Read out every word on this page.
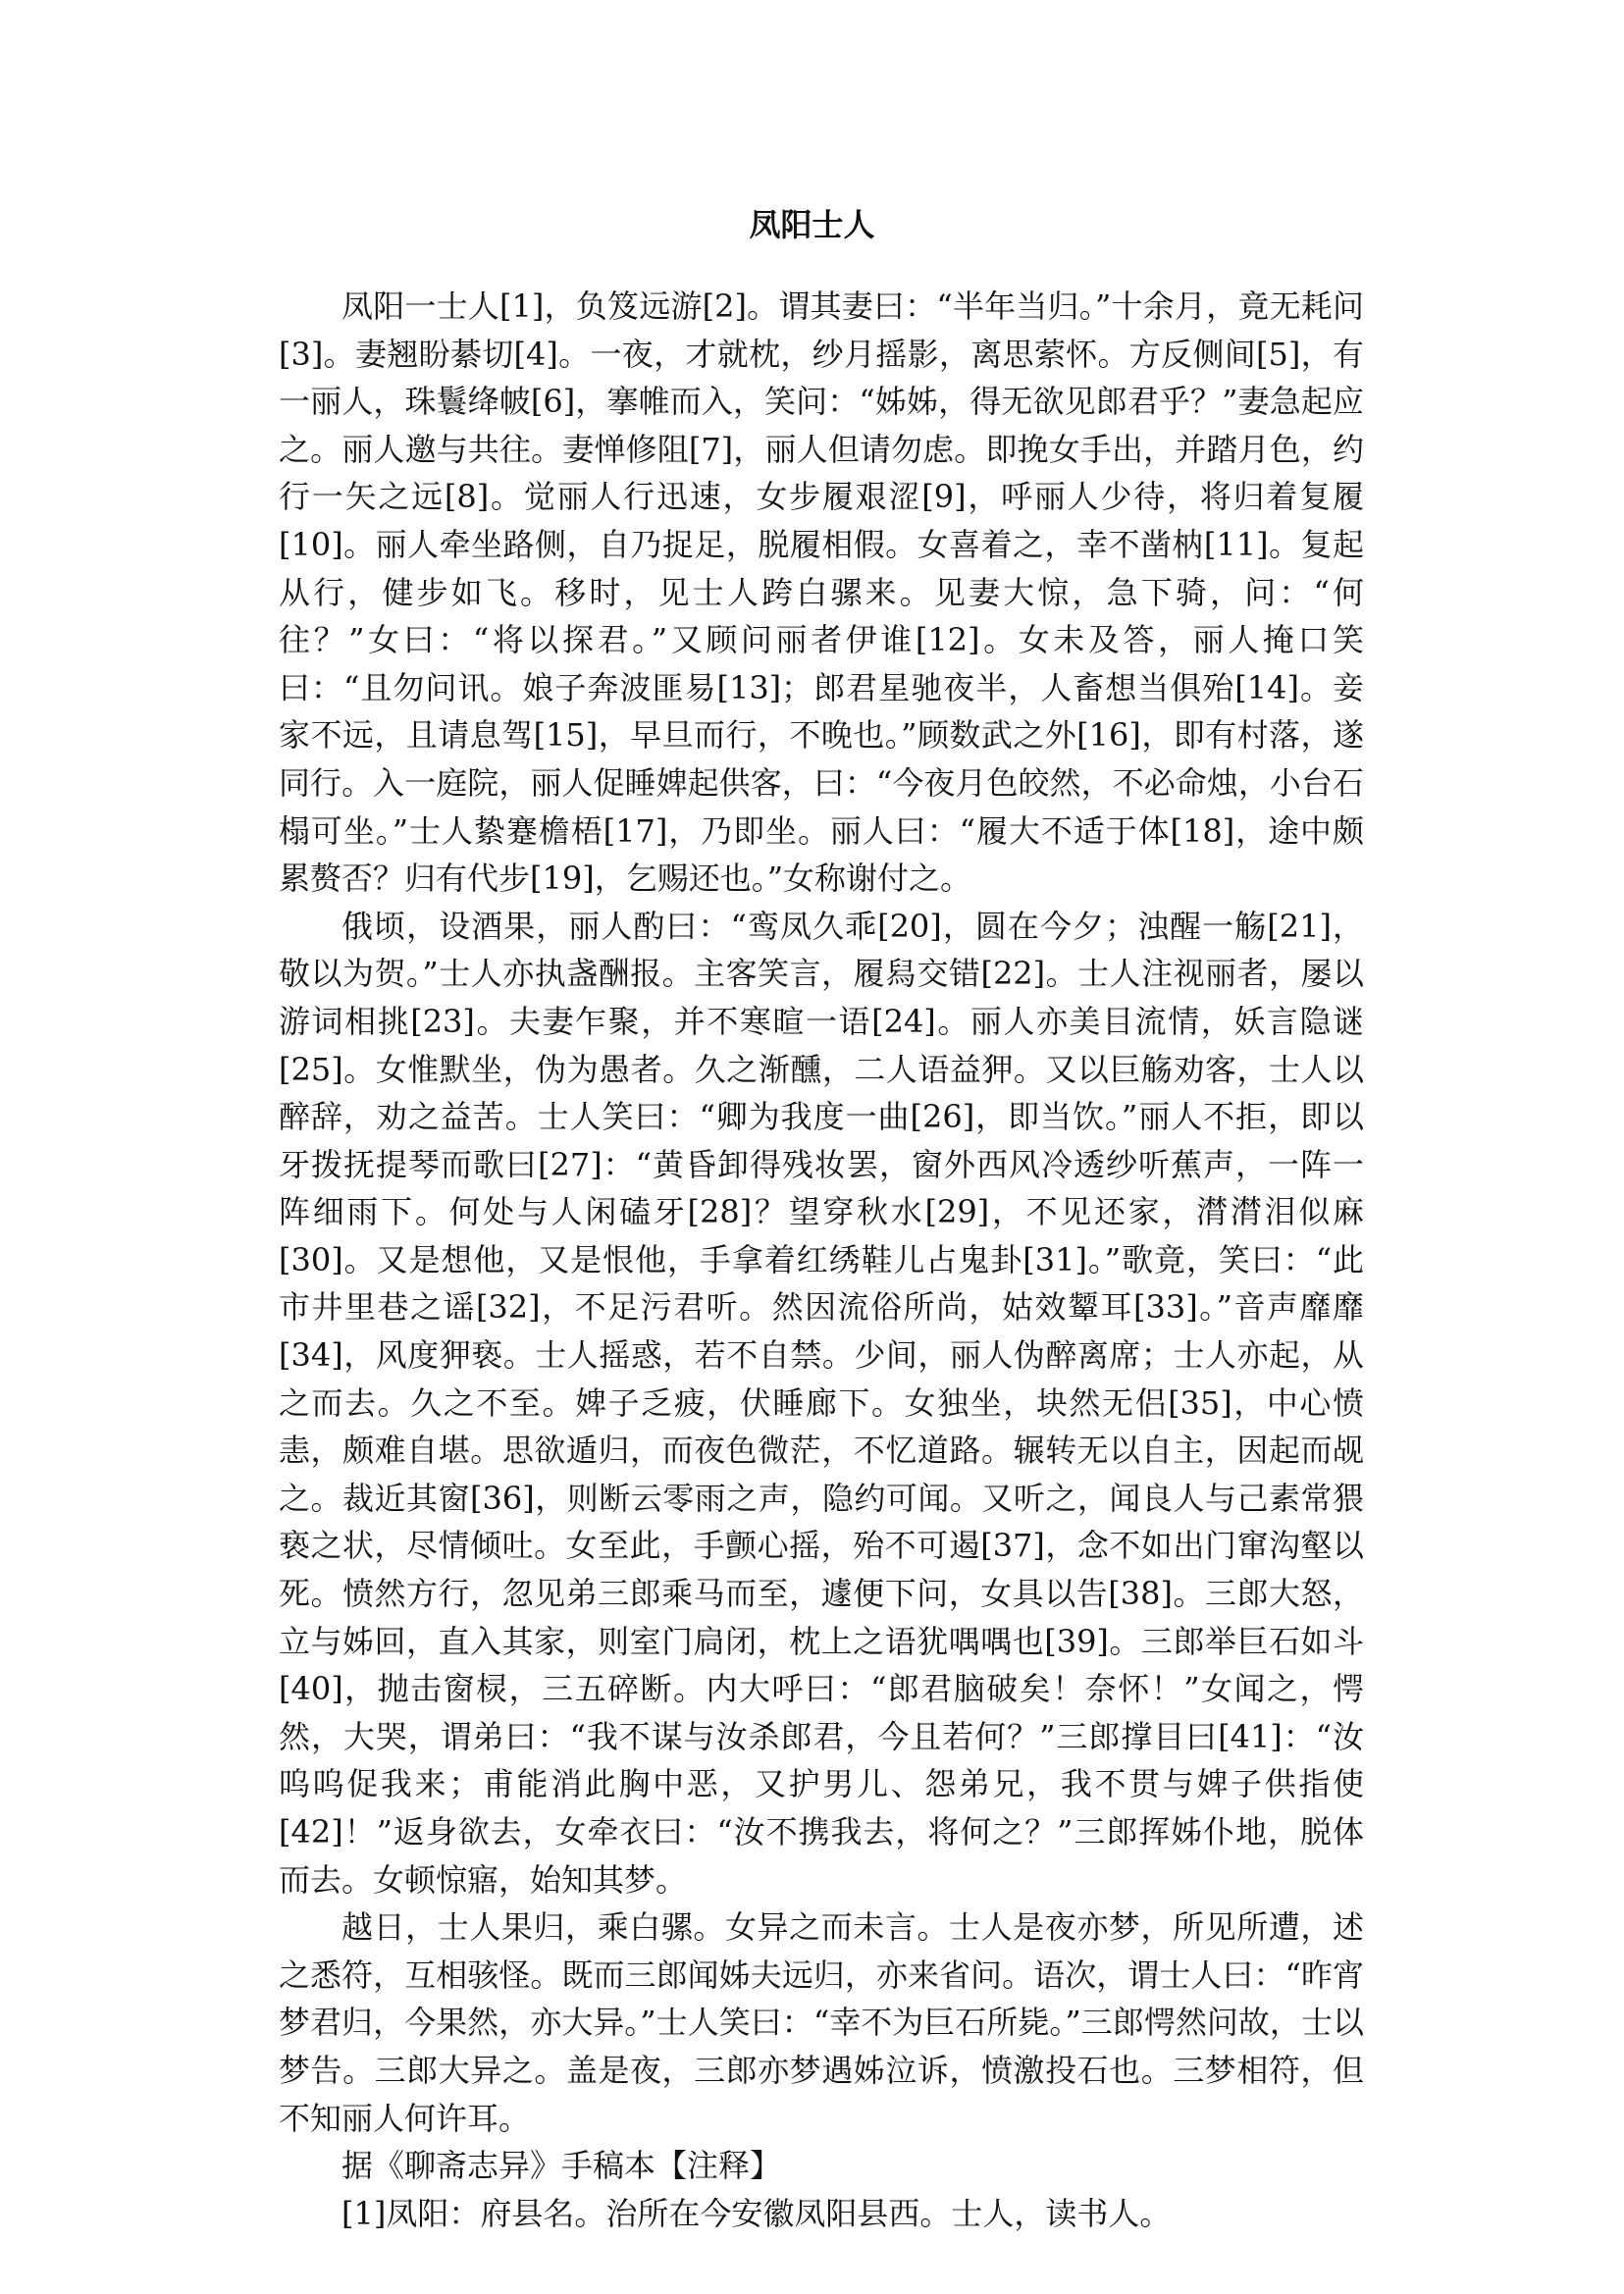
凤阳士人

凤阳一士人[1]，负笈远游[2]。谓其妻曰：“半年当归。”十余月，竟无耗问[3]。妻翘盼綦切[4]。一夜，才就枕，纱月摇影，离思萦怀。方反侧间[5]，有一丽人，珠鬟绛帔[6]，搴帷而入，笑问：“姊姊，得无欲见郎君乎？”妻急起应之。丽人邀与共往。妻惮修阻[7]，丽人但请勿虑。即挽女手出，并踏月色，约行一矢之远[8]。觉丽人行迅速，女步履艰涩[9]，呼丽人少待，将归着复履[10]。丽人牵坐路侧，自乃捉足，脱履相假。女喜着之，幸不凿枘[11]。复起从行，健步如飞。移时，见士人跨白骡来。见妻大惊，急下骑，问：“何往？”女曰：“将以探君。”又顾问丽者伊谁[12]。女未及答，丽人掩口笑曰：“且勿问讯。娘子奔波匪易[13]；郎君星驰夜半，人畜想当俱殆[14]。妾家不远，且请息驾[15]，早旦而行，不晚也。”顾数武之外[16]，即有村落，遂同行。入一庭院，丽人促睡婢起供客，曰：“今夜月色皎然，不必命烛，小台石榻可坐。”士人絷蹇檐梧[17]，乃即坐。丽人曰：“履大不适于体[18]，途中颇累赘否？归有代步[19]，乞赐还也。”女称谢付之。

俄顷，设酒果，丽人酌曰：“鸾凤久乖[20]，圆在今夕；浊醒一觞[21]，敬以为贺。”士人亦执盏酬报。主客笑言，履舄交错[22]。士人注视丽者，屡以游词相挑[23]。夫妻乍聚，并不寒暄一语[24]。丽人亦美目流情，妖言隐谜[25]。女惟默坐，伪为愚者。久之渐醺，二人语益狎。又以巨觞劝客，士人以醉辞，劝之益苦。士人笑曰：“卿为我度一曲[26]，即当饮。”丽人不拒，即以牙拨抚提琴而歌曰[27]：“黄昏卸得残妆罢，窗外西风冷透纱听蕉声，一阵一阵细雨下。何处与人闲磕牙[28]？望穿秋水[29]，不见还家，潸潸泪似麻[30]。又是想他，又是恨他，手拿着红绣鞋儿占鬼卦[31]。”歌竟，笑曰：“此市井里巷之谣[32]，不足污君听。然因流俗所尚，姑效颦耳[33]。”音声靡靡[34]，风度狎亵。士人摇惑，若不自禁。少间，丽人伪醉离席；士人亦起，从之而去。久之不至。婢子乏疲，伏睡廊下。女独坐，块然无侣[35]，中心愤恚，颇难自堪。思欲遁归，而夜色微茫，不忆道路。辗转无以自主，因起而觇之。裁近其窗[36]，则断云零雨之声，隐约可闻。又听之，闻良人与己素常猥亵之状，尽情倾吐。女至此，手颤心摇，殆不可遏[37]，念不如出门窜沟壑以死。愤然方行，忽见弟三郎乘马而至，遽便下问，女具以告[38]。三郎大怒，立与姊回，直入其家，则室门扃闭，枕上之语犹喁喁也[39]。三郎举巨石如斗[40]，抛击窗棂，三五碎断。内大呼曰：“郎君脑破矣！奈怀！”女闻之，愕然，大哭，谓弟曰：“我不谋与汝杀郎君，今且若何？”三郎撑目曰[41]：“汝呜呜促我来；甫能消此胸中恶，又护男儿、怨弟兄，我不贯与婢子供指使[42]！”返身欲去，女牵衣曰：“汝不携我去，将何之？”三郎挥姊仆地，脱体而去。女顿惊寤，始知其梦。

越日，士人果归，乘白骡。女异之而未言。士人是夜亦梦，所见所遭，述之悉符，互相骇怪。既而三郎闻姊夫远归，亦来省问。语次，谓士人曰：“昨宵梦君归，今果然，亦大异。”士人笑曰：“幸不为巨石所毙。”三郎愕然问故，士以梦告。三郎大异之。盖是夜，三郎亦梦遇姊泣诉，愤激投石也。三梦相符，但不知丽人何许耳。

据《聊斋志异》手稿本【注释】

[1]凤阳：府县名。治所在今安徽凤阳县西。士人，读书人。
